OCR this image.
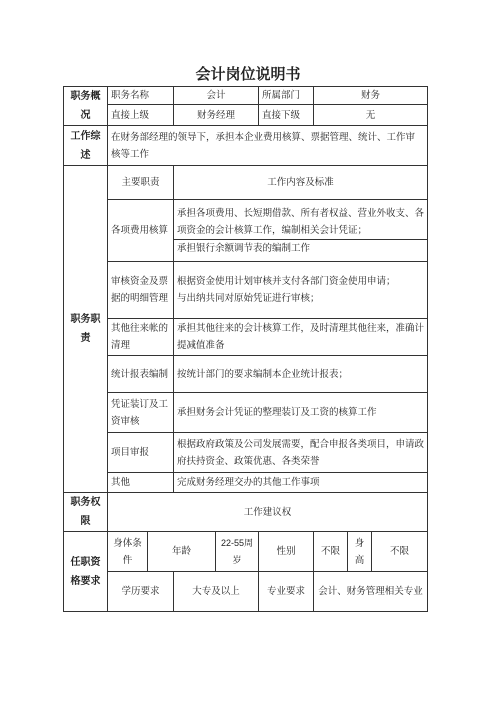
会计岗位说明书
职务概况	职务名称		会计		所属部门	财务		
	直接上级		财务经理		直接下级	无		
工作综述	在财务部经理的领导下，承担本企业费用核算、票据管理、统计、工作审核等工作							
职务职责	主要职责		工作内容及标准					
	各项费用核算		承担各项费用、长短期借款、所有者权益、营业外收支、各项资金的会计核算工作，编制相关会计凭证；
承担银行余额调节表的编制工作					

	审核资金及票据的明细管理		根据资金使用计划审核并支付各部门资金使用申请；
与出纳共同对原始凭证进行审核；					

	其他往来帐的清理		承担其他往来的会计核算工作，及时清理其他往来，准确计提减值准备					
	统计报表编制		按统计部门的要求编制本企业统计报表；					
	凭证装订及工资审核		承担财务会计凭证的整理装订及工资的核算工作					
	项目审报		根据政府政策及公司发展需要，配合申报各类项目，申请政府扶持资金、政策优惠、各类荣誉					
	其他		完成财务经理交办的其他工作事项					
职务权限	工作建议权							
任职资格要求	身体条件	年龄		22-55周岁	性别	不限	身高	不限
	学历要求		大专及以上		专业要求	会计、财务管理相关专业		
